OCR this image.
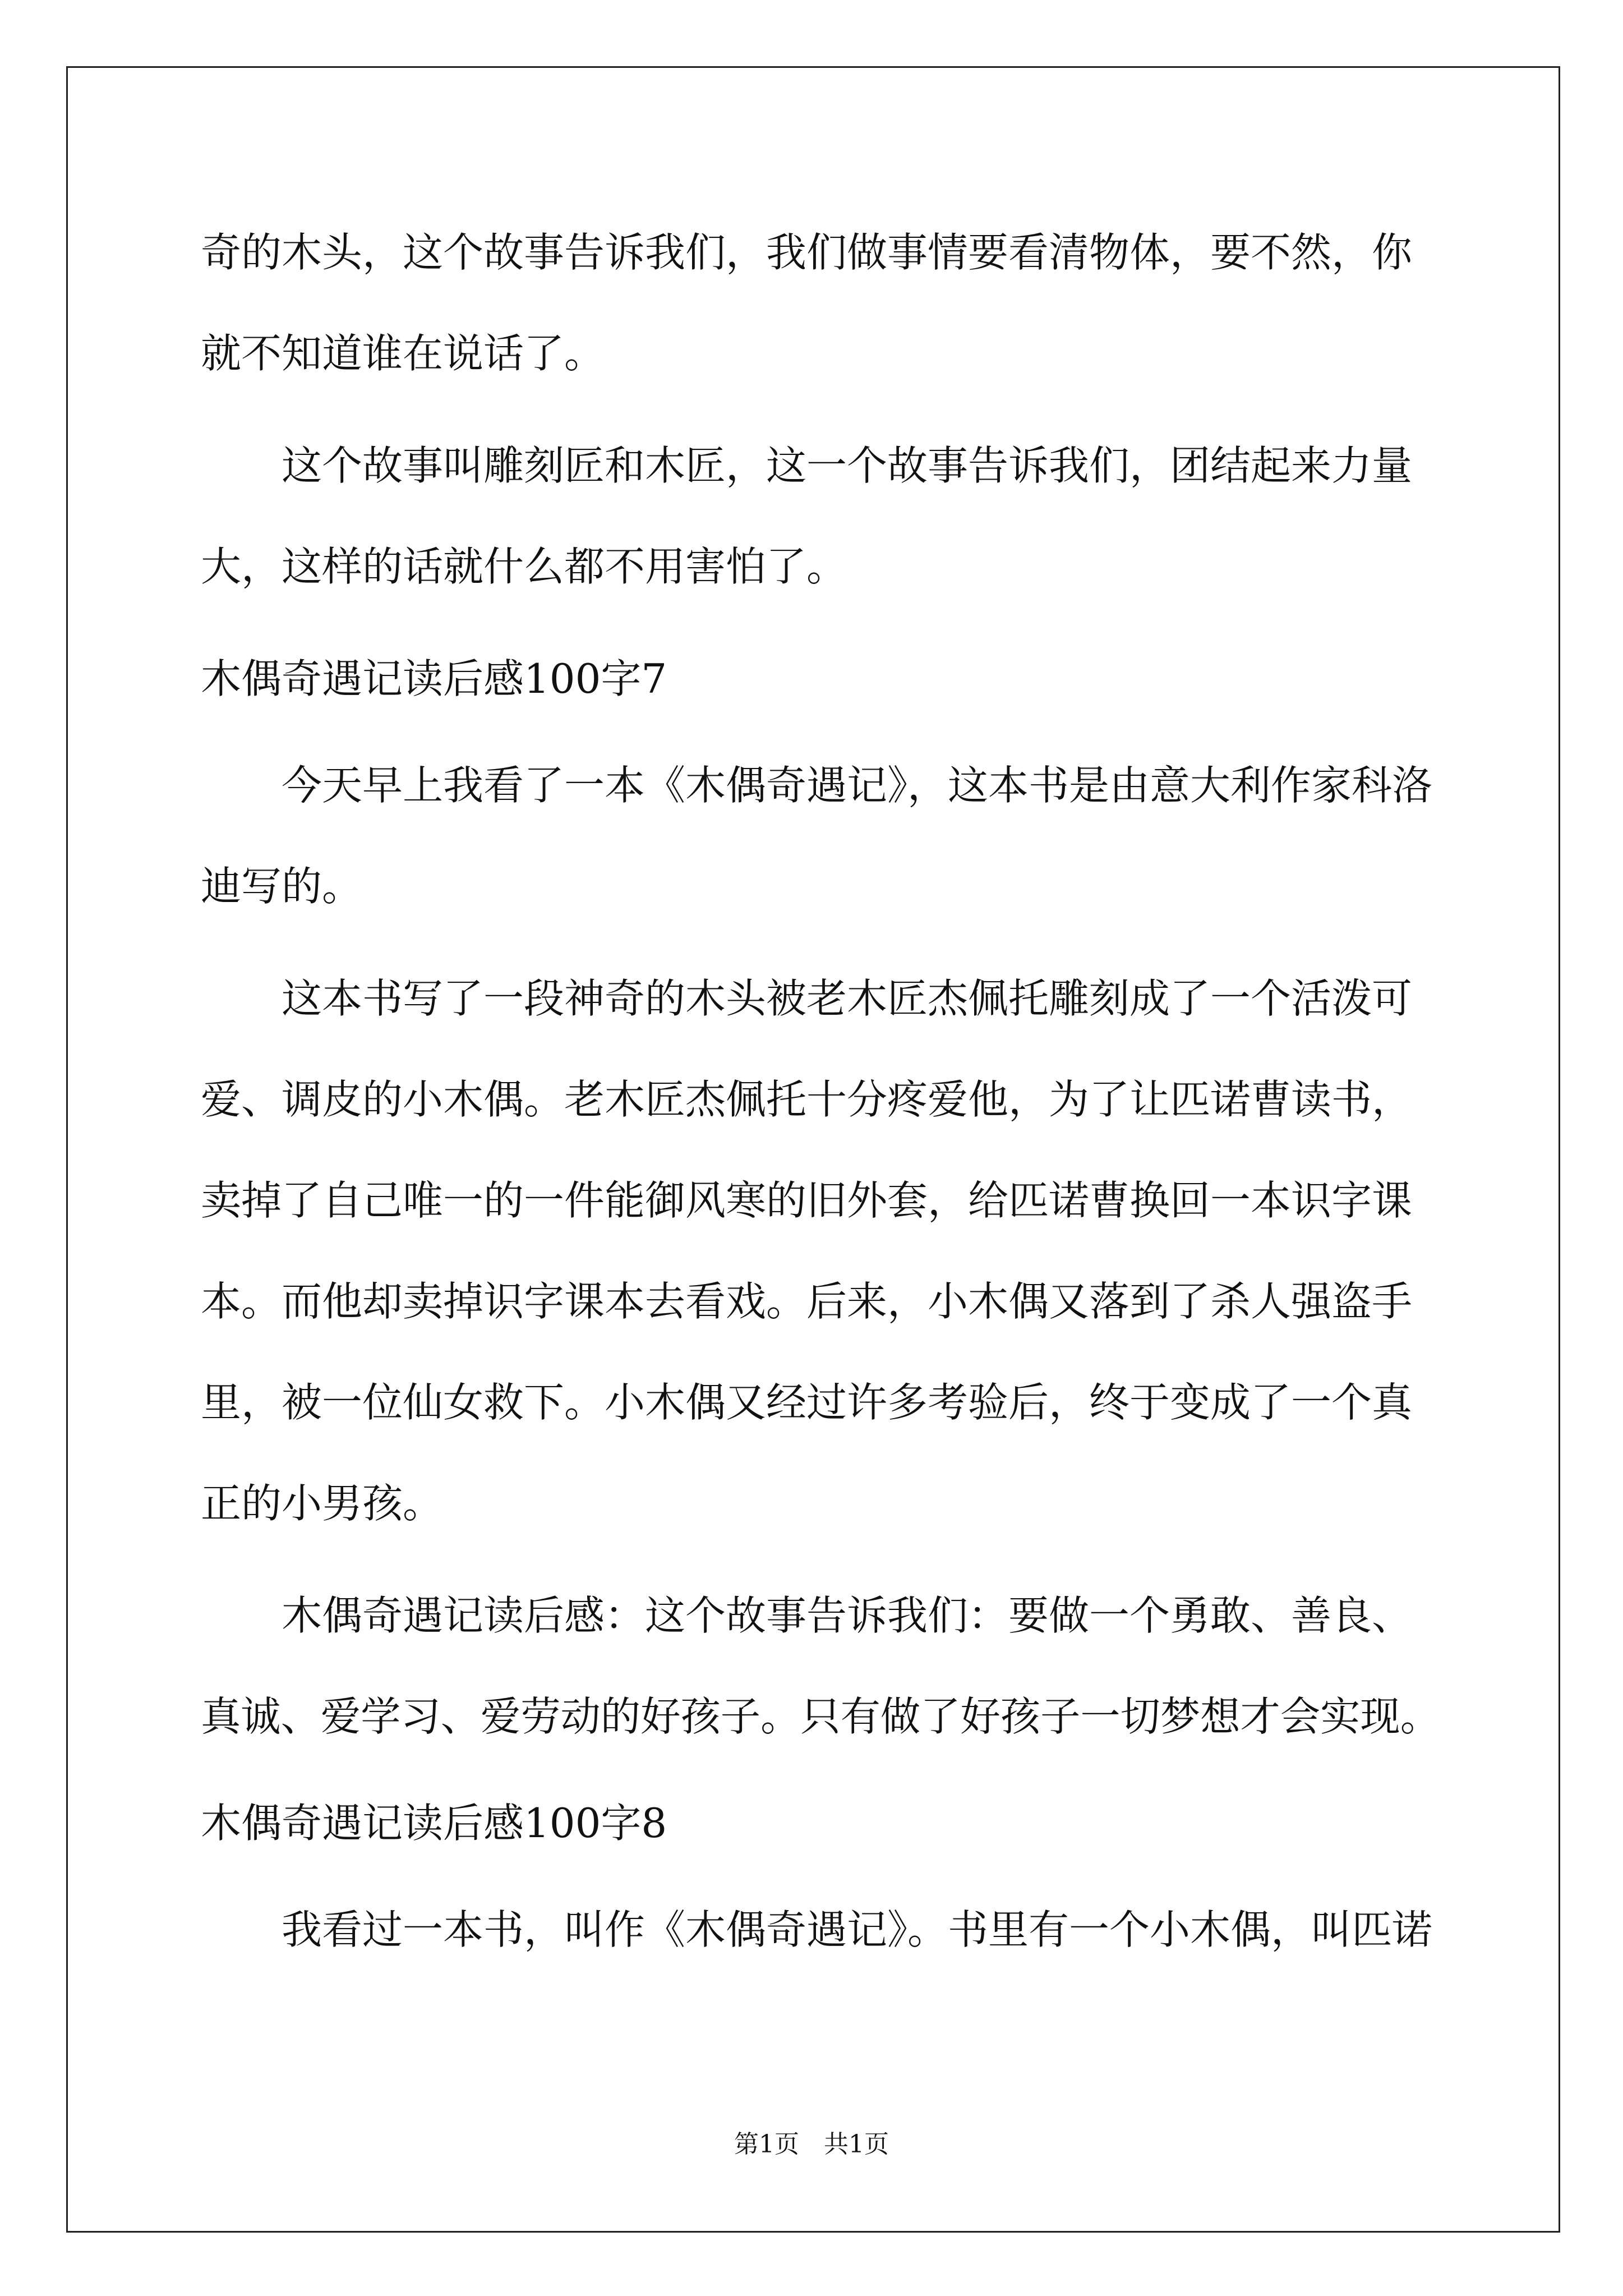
奇的木头，这个故事告诉我们，我们做事情要看清物体，要不然，你
就不知道谁在说话了。
　　这个故事叫雕刻匠和木匠，这一个故事告诉我们，团结起来力量
大，这样的话就什么都不用害怕了。
木偶奇遇记读后感100字7
　　今天早上我看了一本《木偶奇遇记》，这本书是由意大利作家科洛
迪写的。
　　这本书写了一段神奇的木头被老木匠杰佩托雕刻成了一个活泼可
爱、调皮的小木偶。老木匠杰佩托十分疼爱他，为了让匹诺曹读书，
卖掉了自己唯一的一件能御风寒的旧外套，给匹诺曹换回一本识字课
本。而他却卖掉识字课本去看戏。后来，小木偶又落到了杀人强盗手
里，被一位仙女救下。小木偶又经过许多考验后，终于变成了一个真
正的小男孩。
　　木偶奇遇记读后感：这个故事告诉我们：要做一个勇敢、善良、
真诚、爱学习、爱劳动的好孩子。只有做了好孩子一切梦想才会实现。
木偶奇遇记读后感100字8
　　我看过一本书，叫作《木偶奇遇记》。书里有一个小木偶，叫匹诺
第1页　共1页
